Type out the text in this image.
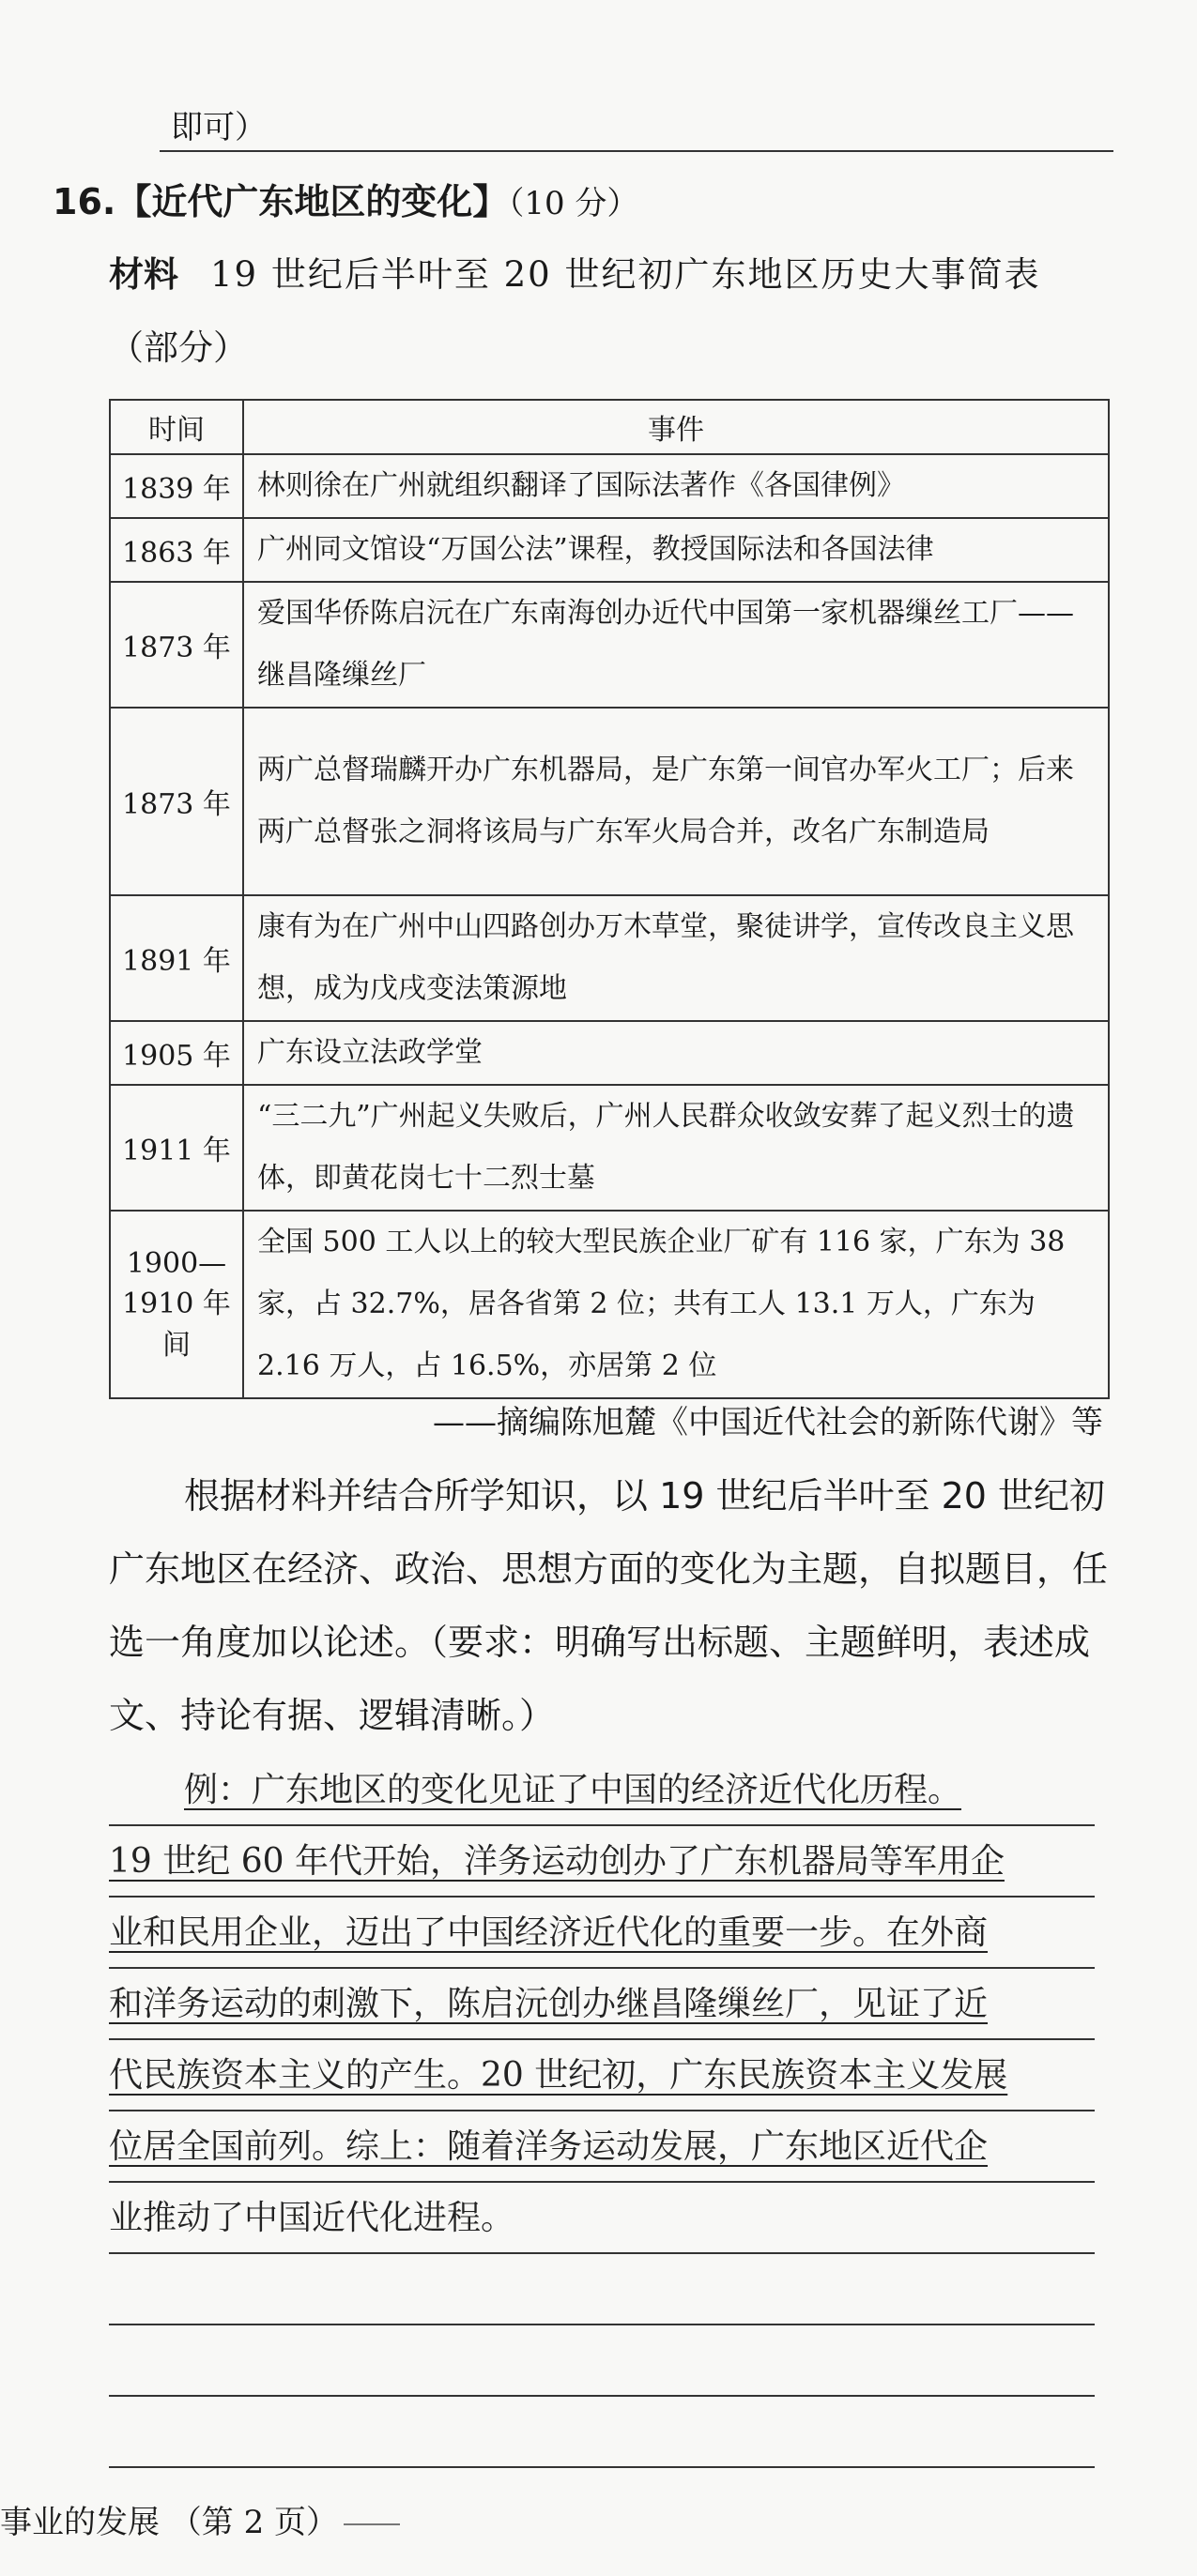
即可）
16.【近代广东地区的变化】（10 分）
材料 19 世纪后半叶至 20 世纪初广东地区历史大事简表
（部分）
时间	事件
1839 年	林则徐在广州就组织翻译了国际法著作《各国律例》
1863 年	广州同文馆设“万国公法”课程，教授国际法和各国法律
1873 年	爱国华侨陈启沅在广东南海创办近代中国第一家机器缫丝工厂——继昌隆缫丝厂
1873 年	两广总督瑞麟开办广东机器局，是广东第一间官办军火工厂；后来两广总督张之洞将该局与广东军火局合并，改名广东制造局
1891 年	康有为在广州中山四路创办万木草堂，聚徒讲学，宣传改良主义思想，成为戊戌变法策源地
1905 年	广东设立法政学堂
1911 年	“三二九”广州起义失败后，广州人民群众收敛安葬了起义烈士的遗体，即黄花岗七十二烈士墓
1900—1910 年间	全国 500 工人以上的较大型民族企业厂矿有 116 家，广东为 38 家，占 32.7%，居各省第 2 位；共有工人 13.1 万人，广东为 2.16 万人，占 16.5%，亦居第 2 位
——摘编陈旭麓《中国近代社会的新陈代谢》等
根据材料并结合所学知识，以 19 世纪后半叶至 20 世纪初广东地区在经济、政治、思想方面的变化为主题，自拟题目，任选一角度加以论述。（要求：明确写出标题、主题鲜明，表述成文、持论有据、逻辑清晰。）
例：广东地区的变化见证了中国的经济近代化历程。
19 世纪 60 年代开始，洋务运动创办了广东机器局等军用企
业和民用企业，迈出了中国经济近代化的重要一步。在外商
和洋务运动的刺激下，陈启沅创办继昌隆缫丝厂，见证了近
代民族资本主义的产生。20 世纪初，广东民族资本主义发展
位居全国前列。综上：随着洋务运动发展，广东地区近代企
业推动了中国近代化进程。
事业的发展 （第 2 页）
